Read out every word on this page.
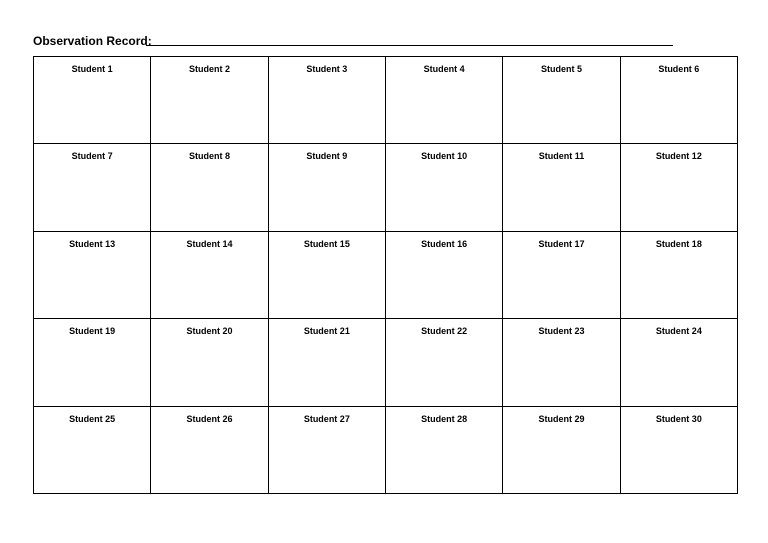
Observation Record:
Student 1	Student 2	Student 3	Student 4	Student 5	Student 6
Student 7	Student 8	Student 9	Student 10	Student 11	Student 12
Student 13	Student 14	Student 15	Student 16	Student 17	Student 18
Student 19	Student 20	Student 21	Student 22	Student 23	Student 24
Student 25	Student 26	Student 27	Student 28	Student 29	Student 30
